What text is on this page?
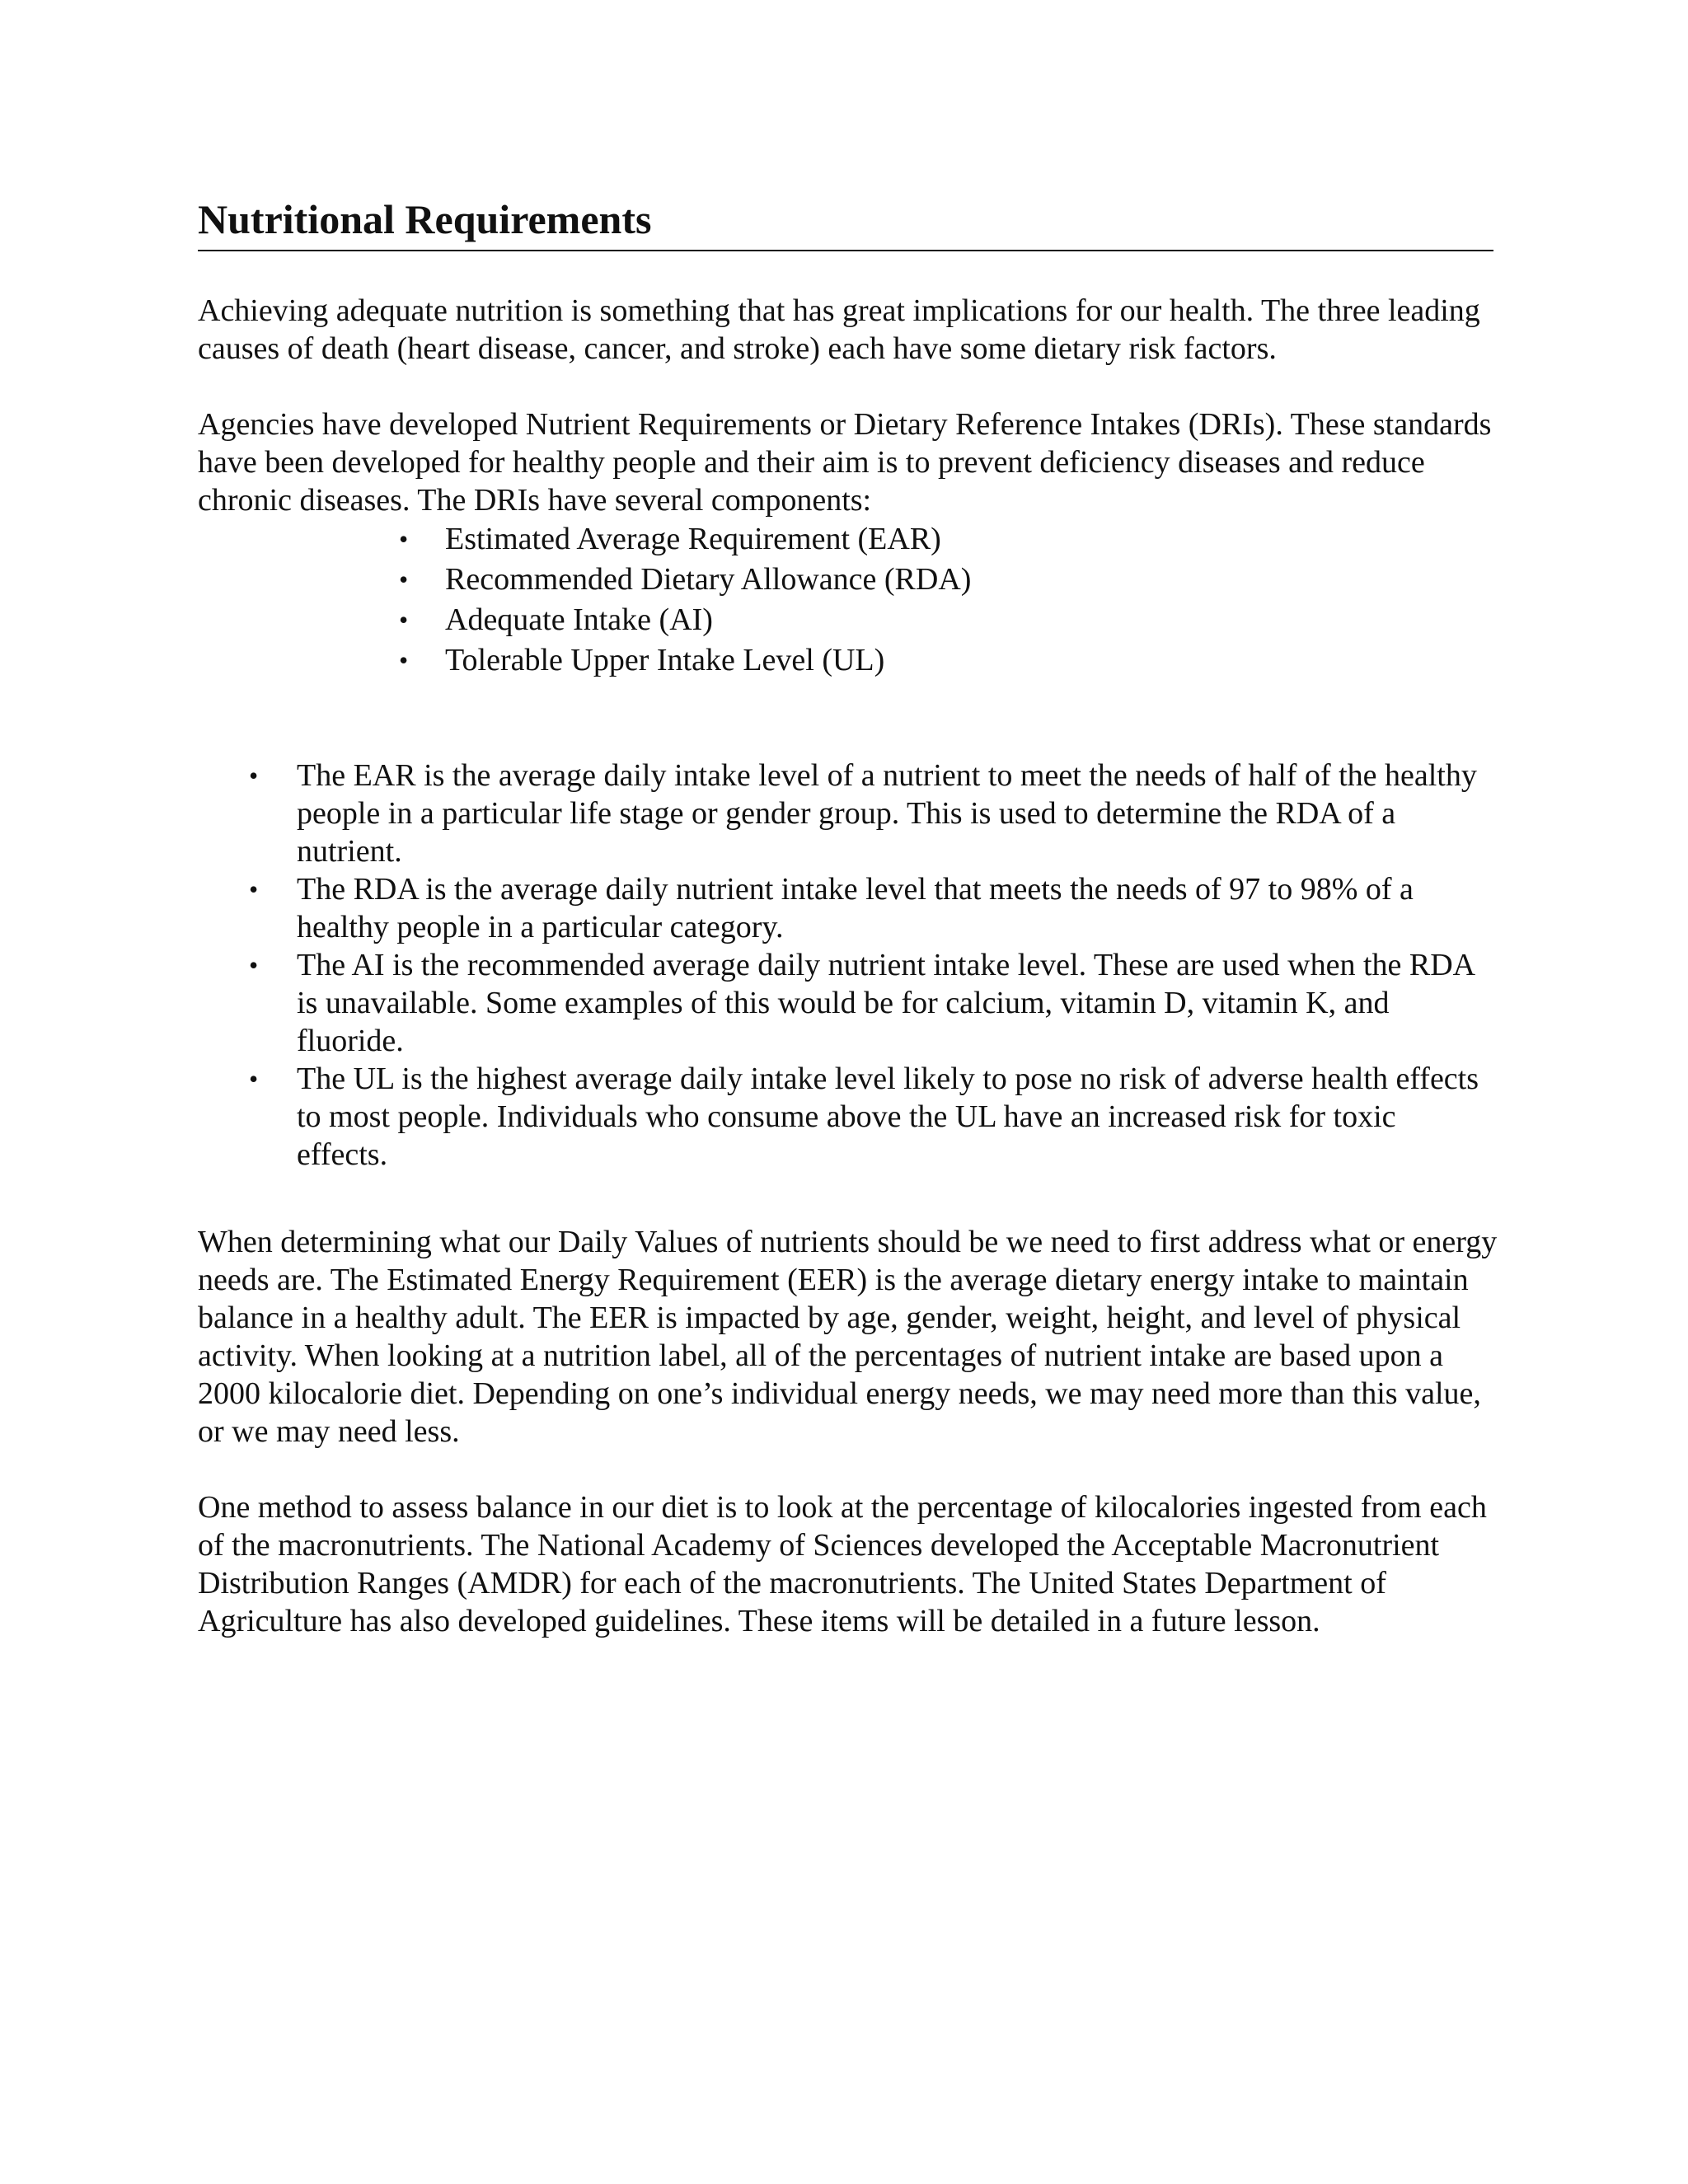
Nutritional Requirements

Achieving adequate nutrition is something that has great implications for our health. The three leading causes of death (heart disease, cancer, and stroke) each have some dietary risk factors.

Agencies have developed Nutrient Requirements or Dietary Reference Intakes (DRIs). These standards have been developed for healthy people and their aim is to prevent deficiency diseases and reduce chronic diseases. The DRIs have several components:

• Estimated Average Requirement (EAR)
• Recommended Dietary Allowance (RDA)
• Adequate Intake (AI)
• Tolerable Upper Intake Level (UL)
• The EAR is the average daily intake level of a nutrient to meet the needs of half of the healthy people in a particular life stage or gender group. This is used to determine the RDA of a nutrient.
• The RDA is the average daily nutrient intake level that meets the needs of 97 to 98% of a healthy people in a particular category.
• The AI is the recommended average daily nutrient intake level. These are used when the RDA is unavailable. Some examples of this would be for calcium, vitamin D, vitamin K, and fluoride.
• The UL is the highest average daily intake level likely to pose no risk of adverse health effects to most people. Individuals who consume above the UL have an increased risk for toxic effects.

When determining what our Daily Values of nutrients should be we need to first address what or energy needs are. The Estimated Energy Requirement (EER) is the average dietary energy intake to maintain balance in a healthy adult. The EER is impacted by age, gender, weight, height, and level of physical activity. When looking at a nutrition label, all of the percentages of nutrient intake are based upon a 2000 kilocalorie diet. Depending on one’s individual energy needs, we may need more than this value, or we may need less.

One method to assess balance in our diet is to look at the percentage of kilocalories ingested from each of the macronutrients. The National Academy of Sciences developed the Acceptable Macronutrient Distribution Ranges (AMDR) for each of the macronutrients. The United States Department of Agriculture has also developed guidelines. These items will be detailed in a future lesson.
